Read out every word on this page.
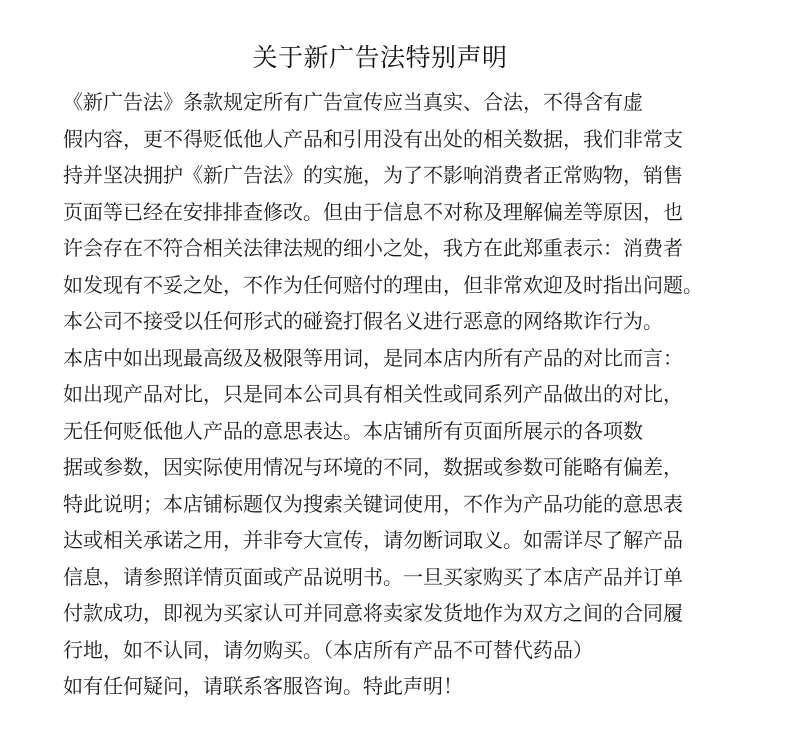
关于新广告法特别声明
《新广告法》条款规定所有广告宣传应当真实、合法，不得含有虚
假内容，更不得贬低他人产品和引用没有出处的相关数据，我们非常支
持并坚决拥护《新广告法》的实施，为了不影响消费者正常购物，销售
页面等已经在安排排查修改。但由于信息不对称及理解偏差等原因，也
许会存在不符合相关法律法规的细小之处，我方在此郑重表示：消费者
如发现有不妥之处，不作为任何赔付的理由，但非常欢迎及时指出问题。
本公司不接受以任何形式的碰瓷打假名义进行恶意的网络欺诈行为。
本店中如出现最高级及极限等用词，是同本店内所有产品的对比而言：
如出现产品对比，只是同本公司具有相关性或同系列产品做出的对比，
无任何贬低他人产品的意思表达。本店铺所有页面所展示的各项数
据或参数，因实际使用情况与环境的不同，数据或参数可能略有偏差，
特此说明；本店铺标题仅为搜索关键词使用，不作为产品功能的意思表
达或相关承诺之用，并非夸大宣传，请勿断词取义。如需详尽了解产品
信息，请参照详情页面或产品说明书。一旦买家购买了本店产品并订单
付款成功，即视为买家认可并同意将卖家发货地作为双方之间的合同履
行地，如不认同，请勿购买。（本店所有产品不可替代药品）
如有任何疑问，请联系客服咨询。特此声明！
